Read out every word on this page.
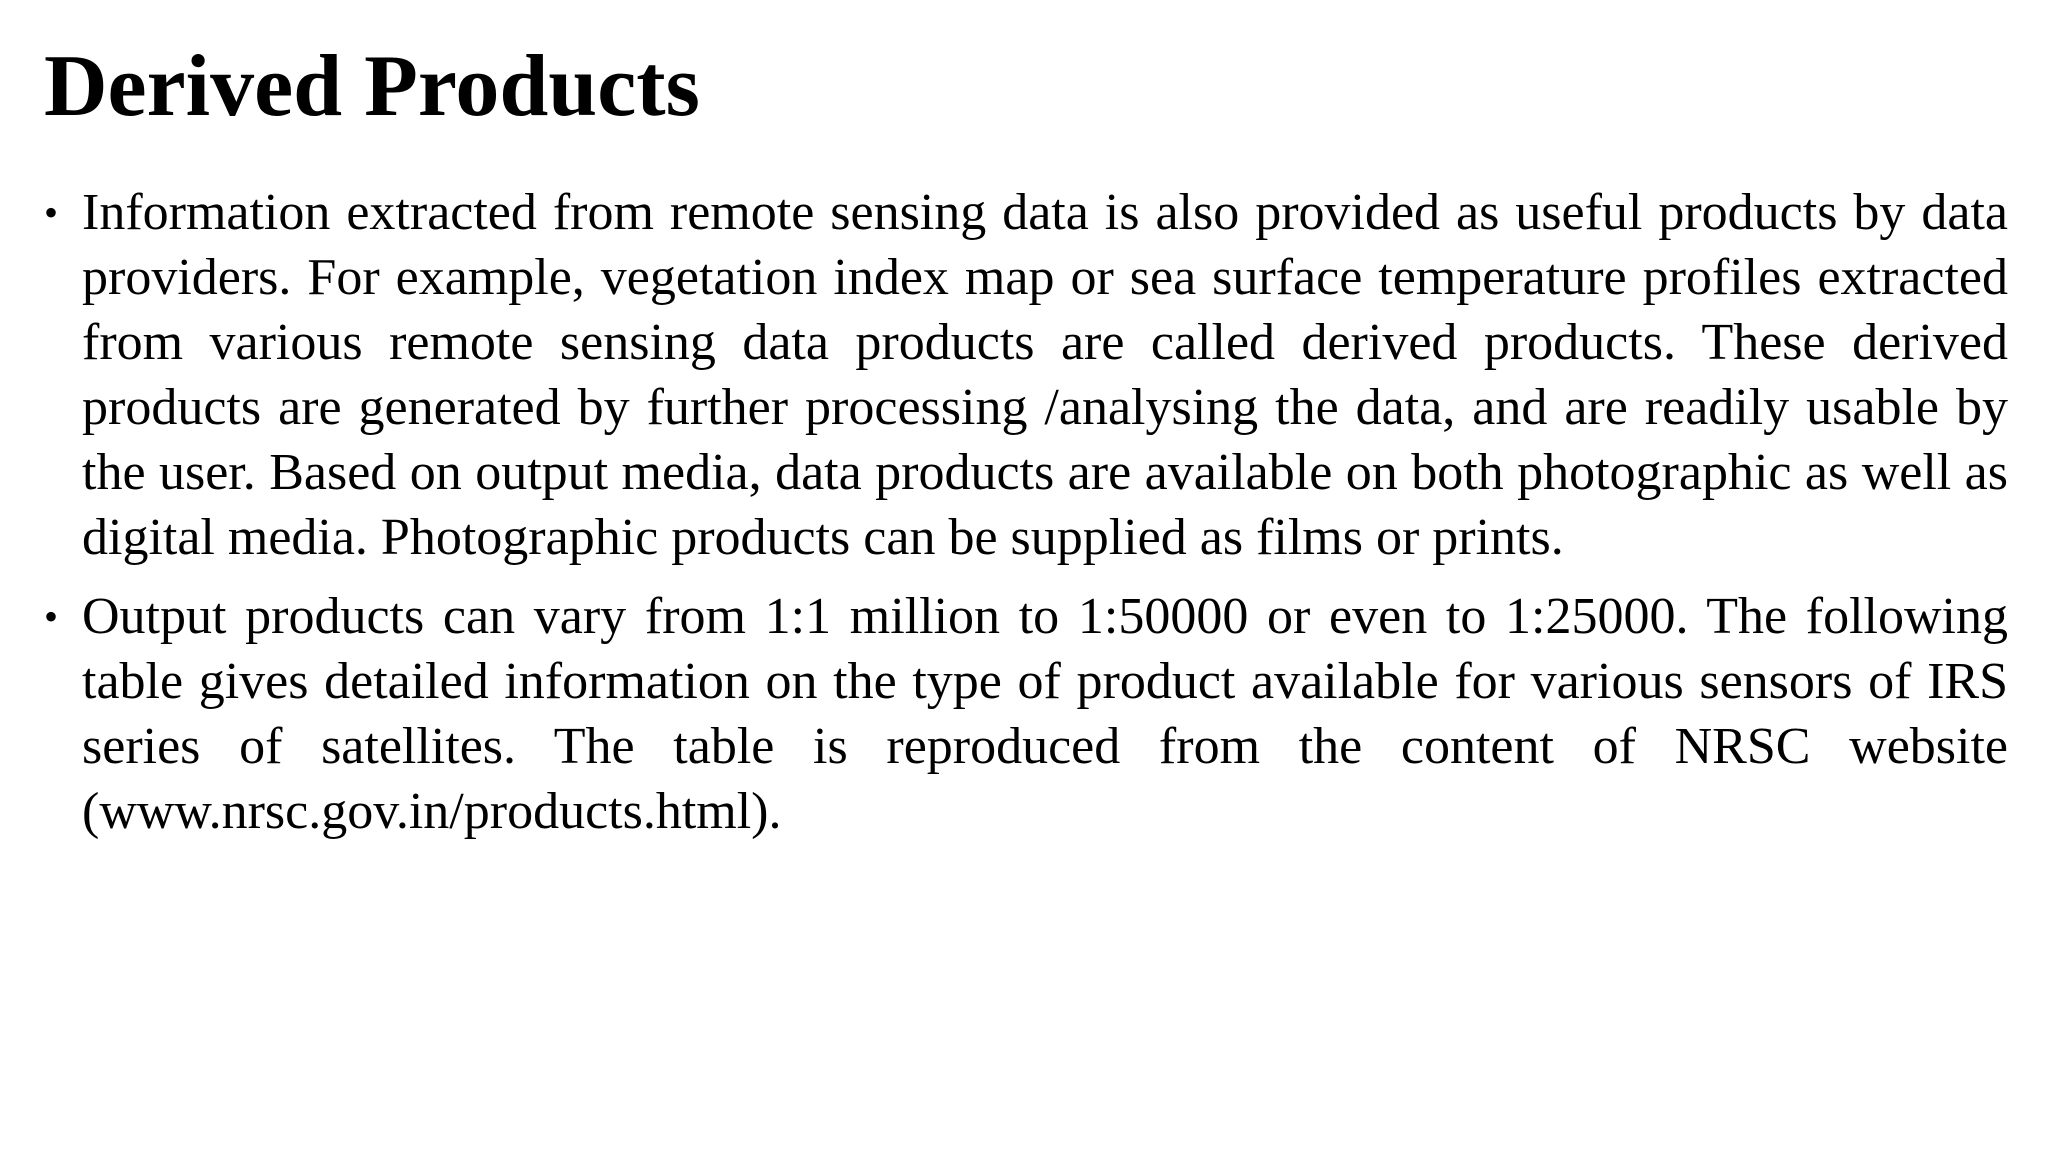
Derived Products
• Information extracted from remote sensing data is also provided as useful products by data providers. For example, vegetation index map or sea surface temperature profiles extracted from various remote sensing data products are called derived products. These derived products are generated by further processing /analysing the data, and are readily usable by the user. Based on output media, data products are available on both photographic as well as digital media. Photographic products can be supplied as films or prints.
• Output products can vary from 1:1 million to 1:50000 or even to 1:25000. The following table gives detailed information on the type of product available for various sensors of IRS series of satellites. The table is reproduced from the content of NRSC website (www.nrsc.gov.in/products.html).
